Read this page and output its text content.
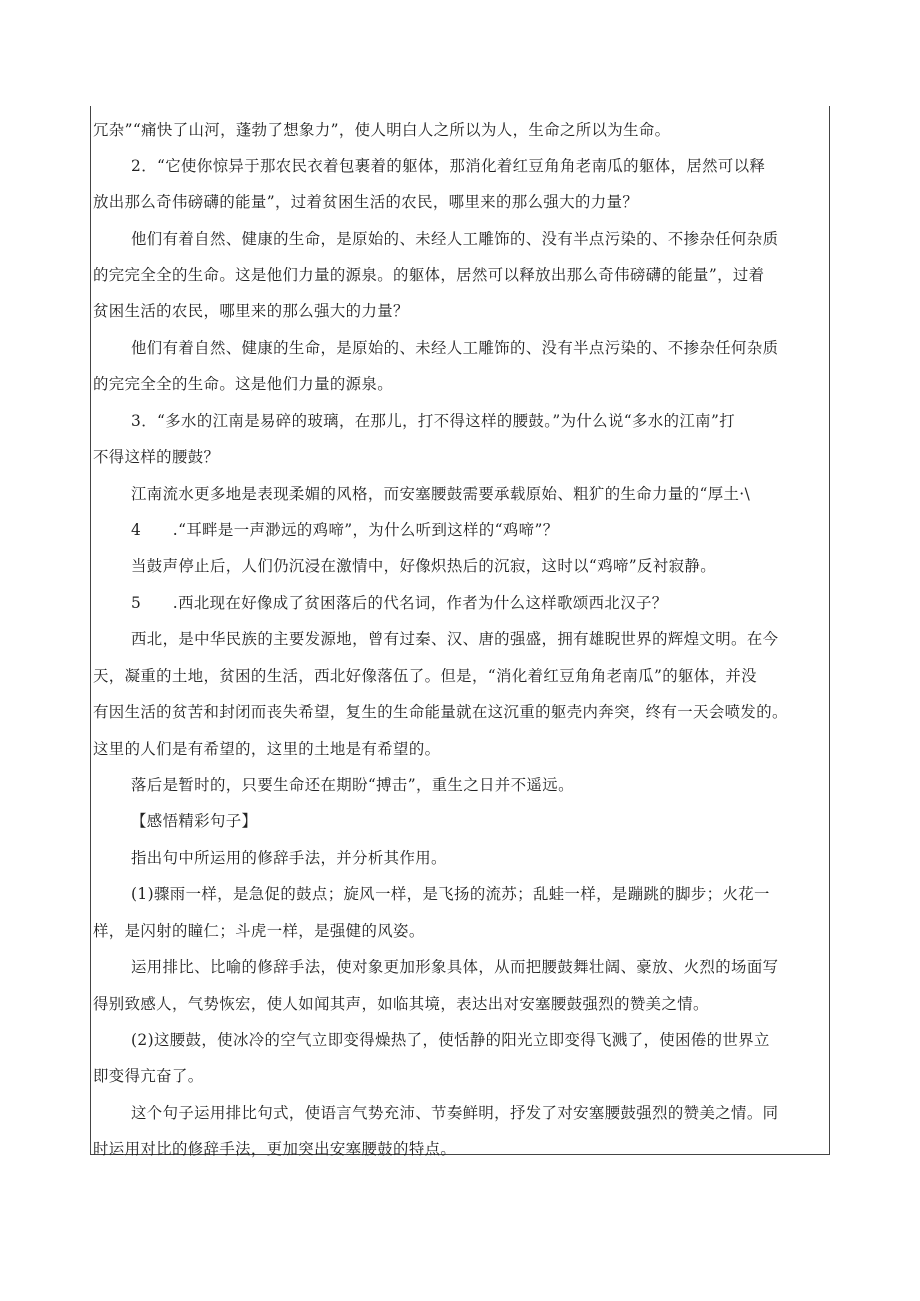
冗杂”“痛快了山河，蓬勃了想象力”，使人明白人之所以为人，生命之所以为生命。
2．“它使你惊异于那农民衣着包裹着的躯体，那消化着红豆角角老南瓜的躯体，居然可以释
放出那么奇伟磅礴的能量”，过着贫困生活的农民，哪里来的那么强大的力量？
他们有着自然、健康的生命，是原始的、未经人工雕饰的、没有半点污染的、不掺杂任何杂质
的完完全全的生命。这是他们力量的源泉。的躯体，居然可以释放出那么奇伟磅礴的能量”，过着
贫困生活的农民，哪里来的那么强大的力量？
他们有着自然、健康的生命，是原始的、未经人工雕饰的、没有半点污染的、不掺杂任何杂质
的完完全全的生命。这是他们力量的源泉。
3．“多水的江南是易碎的玻璃，在那儿，打不得这样的腰鼓。”为什么说“多水的江南”打
不得这样的腰鼓？
江南流水更多地是表现柔媚的风格，而安塞腰鼓需要承载原始、粗犷的生命力量的“厚土·\
4　　.“耳畔是一声渺远的鸡啼”，为什么听到这样的“鸡啼”？
当鼓声停止后，人们仍沉浸在激情中，好像炽热后的沉寂，这时以“鸡啼”反衬寂静。
5　　.西北现在好像成了贫困落后的代名词，作者为什么这样歌颂西北汉子？
西北，是中华民族的主要发源地，曾有过秦、汉、唐的强盛，拥有雄睨世界的辉煌文明。在今
天，凝重的土地，贫困的生活，西北好像落伍了。但是，“消化着红豆角角老南瓜”的躯体，并没
有因生活的贫苦和封闭而丧失希望，复生的生命能量就在这沉重的躯壳内奔突，终有一天会喷发的。
这里的人们是有希望的，这里的土地是有希望的。
落后是暂时的，只要生命还在期盼“搏击”，重生之日并不遥远。
【感悟精彩句子】
指出句中所运用的修辞手法，并分析其作用。
(1)骤雨一样，是急促的鼓点；旋风一样，是飞扬的流苏；乱蛙一样，是蹦跳的脚步；火花一
样，是闪射的瞳仁；斗虎一样，是强健的风姿。
运用排比、比喻的修辞手法，使对象更加形象具体，从而把腰鼓舞壮阔、豪放、火烈的场面写
得别致感人，气势恢宏，使人如闻其声，如临其境，表达出对安塞腰鼓强烈的赞美之情。
(2)这腰鼓，使冰冷的空气立即变得燥热了，使恬静的阳光立即变得飞溅了，使困倦的世界立
即变得亢奋了。
这个句子运用排比句式，使语言气势充沛、节奏鲜明，抒发了对安塞腰鼓强烈的赞美之情。同
时运用对比的修辞手法，更加突出安塞腰鼓的特点。
